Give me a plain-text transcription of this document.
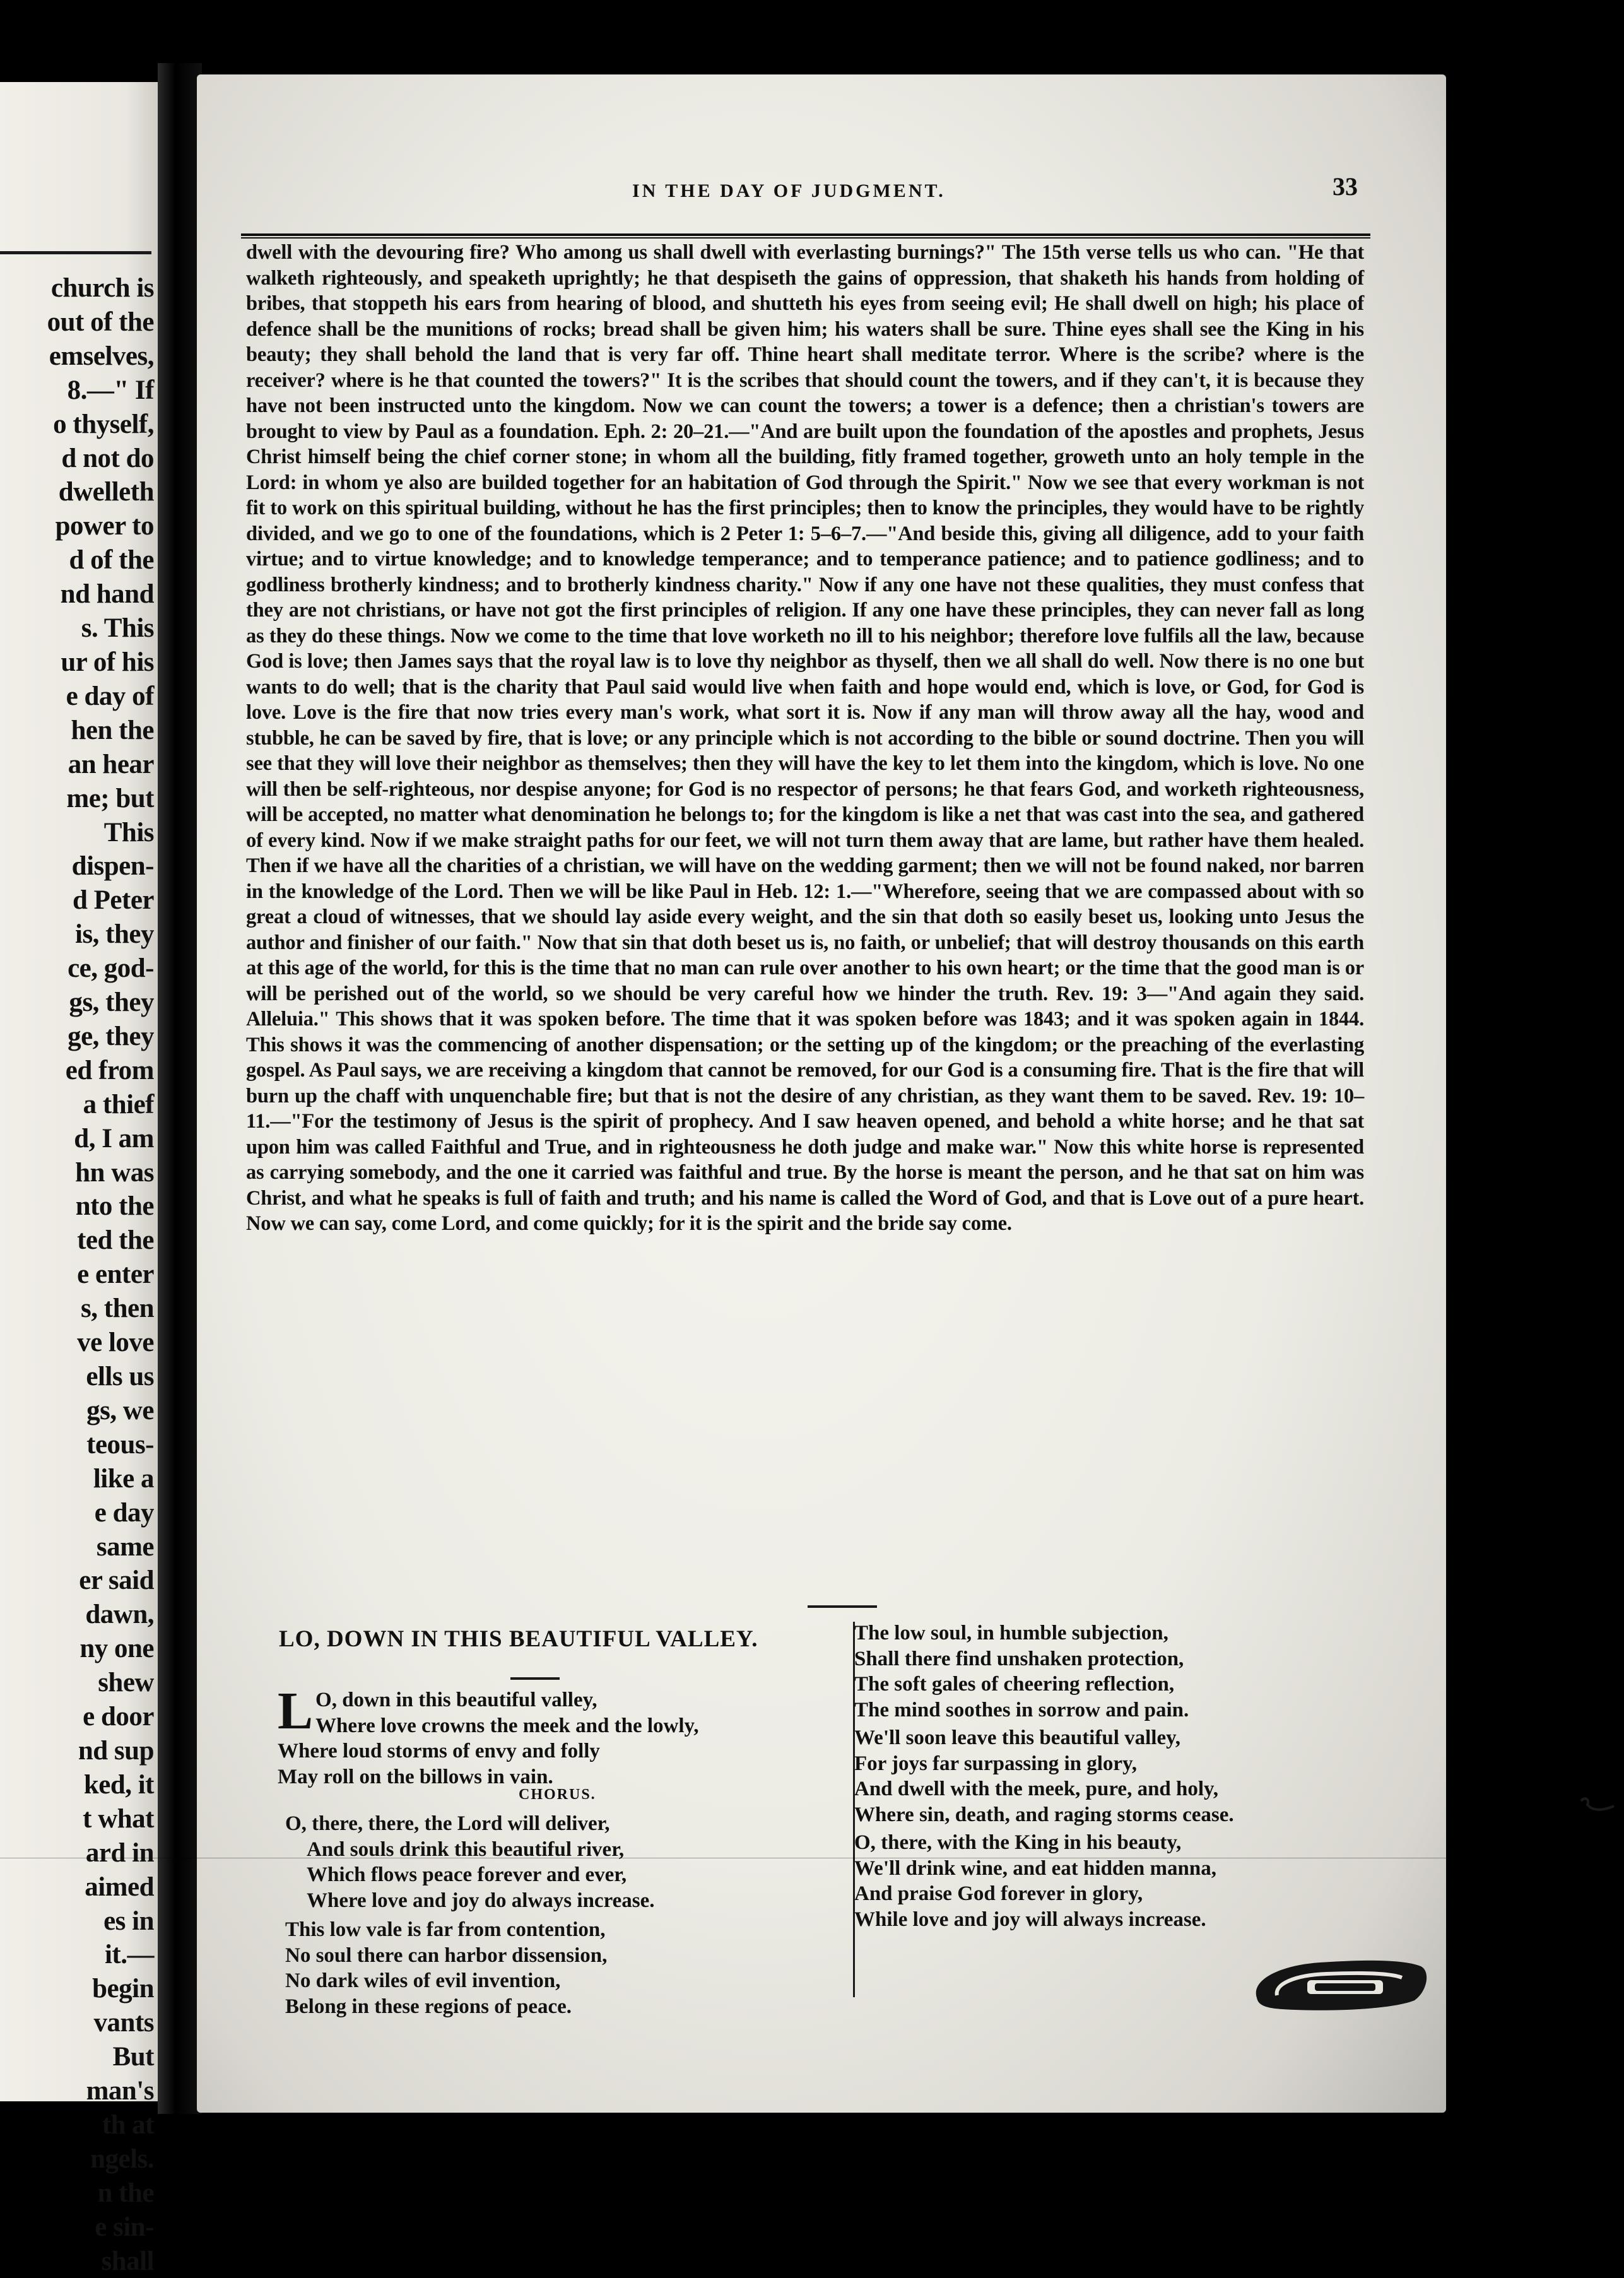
church is
out of the
emselves,
8.—" If
o thyself,
d not do
dwelleth
power to
d of the
nd hand
s. This
ur of his
e day of
hen the
an hear
me; but
This
dispen-
d Peter
is, they
ce, god-
gs, they
ge, they
ed from
a thief
d, I am
hn was
nto the
ted the
e enter
s, then
ve love
ells us
gs, we
teous-
like a
e day
same
er said
dawn,
ny one
shew
e door
nd sup
ked, it
t what
ard in
aimed
es in
it.—
begin
vants
But
man's
th at
ngels.
n the
e sin-
shall
IN THE DAY OF JUDGMENT.	33
dwell with the devouring fire? Who among us shall dwell with everlasting burnings?" The 15th verse tells us who can. "He that walketh righteously, and speaketh uprightly; he that despiseth the gains of oppression, that shaketh his hands from holding of bribes, that stoppeth his ears from hearing of blood, and shutteth his eyes from seeing evil; He shall dwell on high; his place of defence shall be the munitions of rocks; bread shall be given him; his waters shall be sure. Thine eyes shall see the King in his beauty; they shall behold the land that is very far off. Thine heart shall meditate terror. Where is the scribe? where is the receiver? where is he that counted the towers?" It is the scribes that should count the towers, and if they can't, it is because they have not been instructed unto the kingdom. Now we can count the towers; a tower is a defence; then a christian's towers are brought to view by Paul as a foundation. Eph. 2: 20–21.—"And are built upon the foundation of the apostles and prophets, Jesus Christ himself being the chief corner stone; in whom all the building, fitly framed together, groweth unto an holy temple in the Lord: in whom ye also are builded together for an habitation of God through the Spirit." Now we see that every workman is not fit to work on this spiritual building, without he has the first principles; then to know the principles, they would have to be rightly divided, and we go to one of the foundations, which is 2 Peter 1: 5–6–7.—"And beside this, giving all diligence, add to your faith virtue; and to virtue knowledge; and to knowledge temperance; and to temperance patience; and to patience godliness; and to godliness brotherly kindness; and to brotherly kindness charity." Now if any one have not these qualities, they must confess that they are not christians, or have not got the first principles of religion. If any one have these principles, they can never fall as long as they do these things. Now we come to the time that love worketh no ill to his neighbor; therefore love fulfils all the law, because God is love; then James says that the royal law is to love thy neighbor as thyself, then we all shall do well. Now there is no one but wants to do well; that is the charity that Paul said would live when faith and hope would end, which is love, or God, for God is love. Love is the fire that now tries every man's work, what sort it is. Now if any man will throw away all the hay, wood and stubble, he can be saved by fire, that is love; or any principle which is not according to the bible or sound doctrine. Then you will see that they will love their neighbor as themselves; then they will have the key to let them into the kingdom, which is love. No one will then be self-righteous, nor despise anyone; for God is no respector of persons; he that fears God, and worketh righteousness, will be accepted, no matter what denomination he belongs to; for the kingdom is like a net that was cast into the sea, and gathered of every kind. Now if we make straight paths for our feet, we will not turn them away that are lame, but rather have them healed. Then if we have all the charities of a christian, we will have on the wedding garment; then we will not be found naked, nor barren in the knowledge of the Lord. Then we will be like Paul in Heb. 12: 1.—"Wherefore, seeing that we are compassed about with so great a cloud of witnesses, that we should lay aside every weight, and the sin that doth so easily beset us, looking unto Jesus the author and finisher of our faith." Now that sin that doth beset us is, no faith, or unbelief; that will destroy thousands on this earth at this age of the world, for this is the time that no man can rule over another to his own heart; or the time that the good man is or will be perished out of the world, so we should be very careful how we hinder the truth. Rev. 19: 3—"And again they said. Alleluia." This shows that it was spoken before. The time that it was spoken before was 1843; and it was spoken again in 1844. This shows it was the commencing of another dispensation; or the setting up of the kingdom; or the preaching of the everlasting gospel. As Paul says, we are receiving a kingdom that cannot be removed, for our God is a consuming fire. That is the fire that will burn up the chaff with unquenchable fire; but that is not the desire of any christian, as they want them to be saved. Rev. 19: 10–11.—"For the testimony of Jesus is the spirit of prophecy. And I saw heaven opened, and behold a white horse; and he that sat upon him was called Faithful and True, and in righteousness he doth judge and make war." Now this white horse is represented as carrying somebody, and the one it carried was faithful and true. By the horse is meant the person, and he that sat on him was Christ, and what he speaks is full of faith and truth; and his name is called the Word of God, and that is Love out of a pure heart. Now we can say, come Lord, and come quickly; for it is the spirit and the bride say come.
LO, DOWN IN THIS BEAUTIFUL VALLEY.
L O, down in this beautiful valley,
Where love crowns the meek and the lowly,
Where loud storms of envy and folly
May roll on the billows in vain.
CHORUS.
O, there, there, the Lord will deliver,
And souls drink this beautiful river,
Which flows peace forever and ever,
Where love and joy do always increase.
This low vale is far from contention,
No soul there can harbor dissension,
No dark wiles of evil invention,
Belong in these regions of peace.
The low soul, in humble subjection,
Shall there find unshaken protection,
The soft gales of cheering reflection,
The mind soothes in sorrow and pain.
We'll soon leave this beautiful valley,
For joys far surpassing in glory,
And dwell with the meek, pure, and holy,
Where sin, death, and raging storms cease.
O, there, with the King in his beauty,
We'll drink wine, and eat hidden manna,
And praise God forever in glory,
While love and joy will always increase.
